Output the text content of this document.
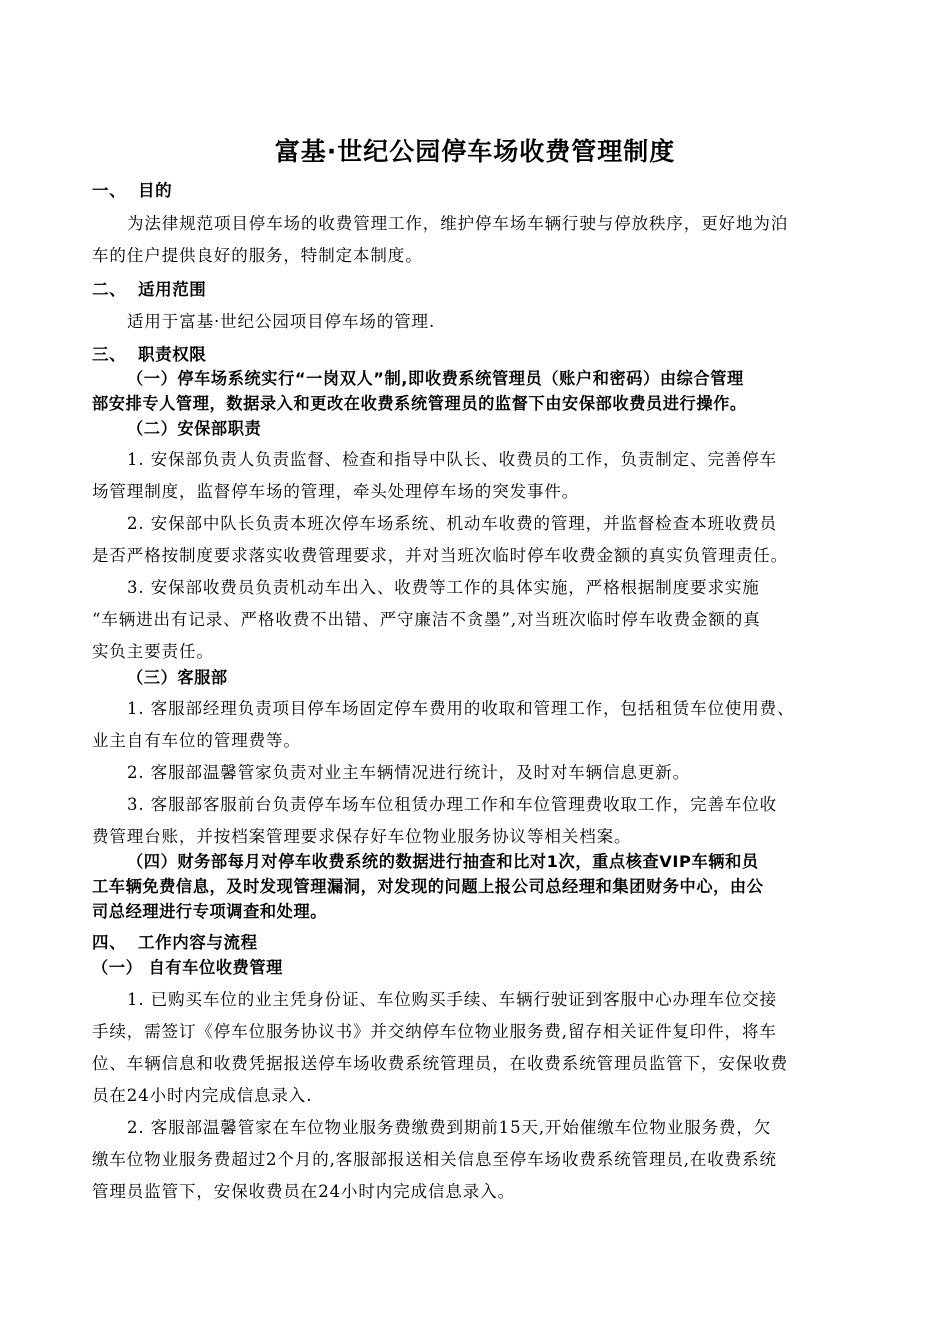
富基·世纪公园停车场收费管理制度
一、 目的
为法律规范项目停车场的收费管理工作，维护停车场车辆行驶与停放秩序，更好地为泊
车的住户提供良好的服务，特制定本制度。
二、 适用范围
适用于富基·世纪公园项目停车场的管理.
三、 职责权限
（一）停车场系统实行“一岗双人”制,即收费系统管理员（账户和密码）由综合管理
部安排专人管理，数据录入和更改在收费系统管理员的监督下由安保部收费员进行操作。
（二）安保部职责
1. 安保部负责人负责监督、检查和指导中队长、收费员的工作，负责制定、完善停车
场管理制度，监督停车场的管理，牵头处理停车场的突发事件。
2. 安保部中队长负责本班次停车场系统、机动车收费的管理，并监督检查本班收费员
是否严格按制度要求落实收费管理要求，并对当班次临时停车收费金额的真实负管理责任。
3. 安保部收费员负责机动车出入、收费等工作的具体实施，严格根据制度要求实施
“车辆进出有记录、严格收费不出错、严守廉洁不贪墨”,对当班次临时停车收费金额的真
实负主要责任。
（三）客服部
1. 客服部经理负责项目停车场固定停车费用的收取和管理工作，包括租赁车位使用费、
业主自有车位的管理费等。
2. 客服部温馨管家负责对业主车辆情况进行统计，及时对车辆信息更新。
3. 客服部客服前台负责停车场车位租赁办理工作和车位管理费收取工作，完善车位收
费管理台账，并按档案管理要求保存好车位物业服务协议等相关档案。
（四）财务部每月对停车收费系统的数据进行抽查和比对1次，重点核查VIP车辆和员
工车辆免费信息，及时发现管理漏洞，对发现的问题上报公司总经理和集团财务中心，由公
司总经理进行专项调查和处理。
四、 工作内容与流程
（一） 自有车位收费管理
1. 已购买车位的业主凭身份证、车位购买手续、车辆行驶证到客服中心办理车位交接
手续，需签订《停车位服务协议书》并交纳停车位物业服务费,留存相关证件复印件，将车
位、车辆信息和收费凭据报送停车场收费系统管理员，在收费系统管理员监管下，安保收费
员在24小时内完成信息录入.
2. 客服部温馨管家在车位物业服务费缴费到期前15天,开始催缴车位物业服务费，欠
缴车位物业服务费超过2个月的,客服部报送相关信息至停车场收费系统管理员,在收费系统
管理员监管下，安保收费员在24小时内完成信息录入。
